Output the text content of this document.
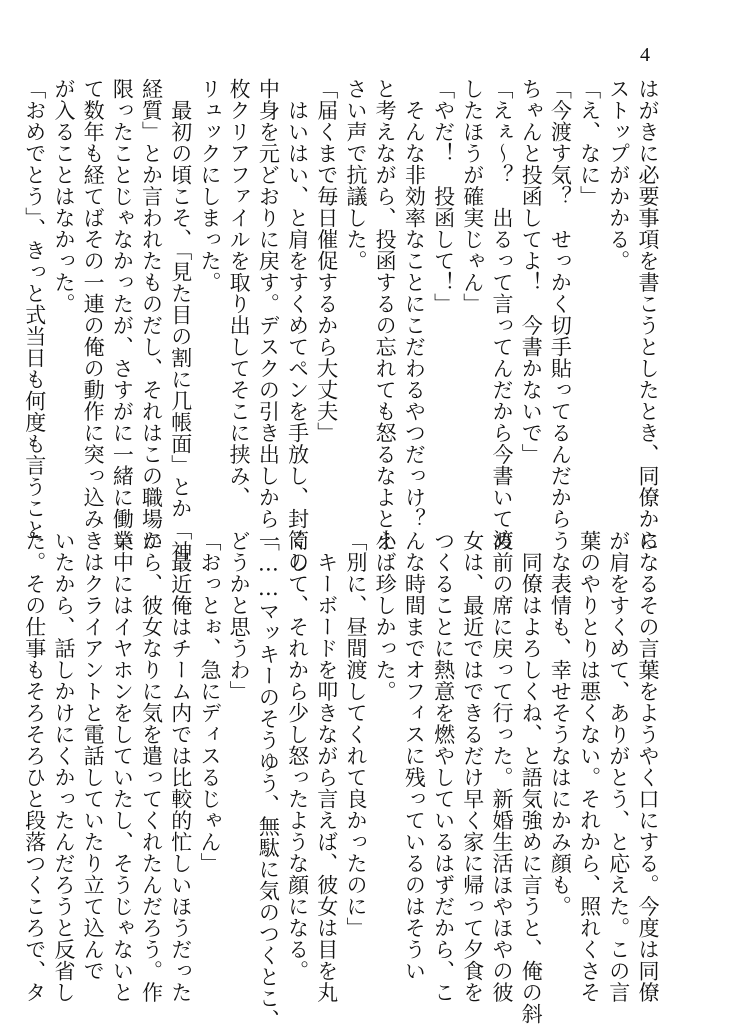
4
はがきに必要事項を書こうとしたとき、同僚から
ストップがかかる。
「え、なに」
「今渡す気？　せっかく切手貼ってるんだから
ちゃんと投函してよ！　今書かないで」
「えぇ～？　出るって言ってんだから今書いて渡
したほうが確実じゃん」
「やだ！　投函して！」
　そんな非効率なことにこだわるやつだっけ？
と考えながら、投函するの忘れても怒るなよと小
さい声で抗議した。
「届くまで毎日催促するから大丈夫」
　はいはい、と肩をすくめてペンを手放し、封筒の
中身を元どおりに戻す。デスクの引き出しから一
枚クリアファイルを取り出してそこに挟み、
リュックにしまった。
　最初の頃こそ、「見た目の割に几帳面」とか「神
経質」とか言われたものだし、それはこの職場に
限ったことじゃなかったが、さすがに一緒に働い
て数年も経てばその一連の俺の動作に突っ込み
が入ることはなかった。
「おめでとう」、きっと式当日も何度も言うこと
になるその言葉をようやく口にする。今度は同僚
が肩をすくめて、ありがとう、と応えた。この言
葉のやりとりは悪くない。それから、照れくさそ
うな表情も、幸せそうなはにかみ顔も。
　同僚はよろしくね、と語気強めに言うと、俺の斜
め前の席に戻って行った。新婚生活ほやほやの彼
女は、最近ではできるだけ早く家に帰って夕食を
つくることに熱意を燃やしているはずだから、こ
んな時間までオフィスに残っているのはそうい
えば珍しかった。
「別に、昼間渡してくれて良かったのに」
　キーボードを叩きながら言えば、彼女は目を丸
くして、それから少し怒ったような顔になる。
「……マッキーのそうゆう、無駄に気のつくとこ、
どうかと思うわ」
「おっとぉ、急にディスるじゃん」
　最近俺はチーム内では比較的忙しいほうだった
から、彼女なりに気を遣ってくれたんだろう。作
業中にはイヤホンをしていたし、そうじゃないと
きはクライアントと電話していたり立て込んで
いたから、話しかけにくかったんだろうと反省し
た。その仕事もそろそろひと段落つくころで、タ
